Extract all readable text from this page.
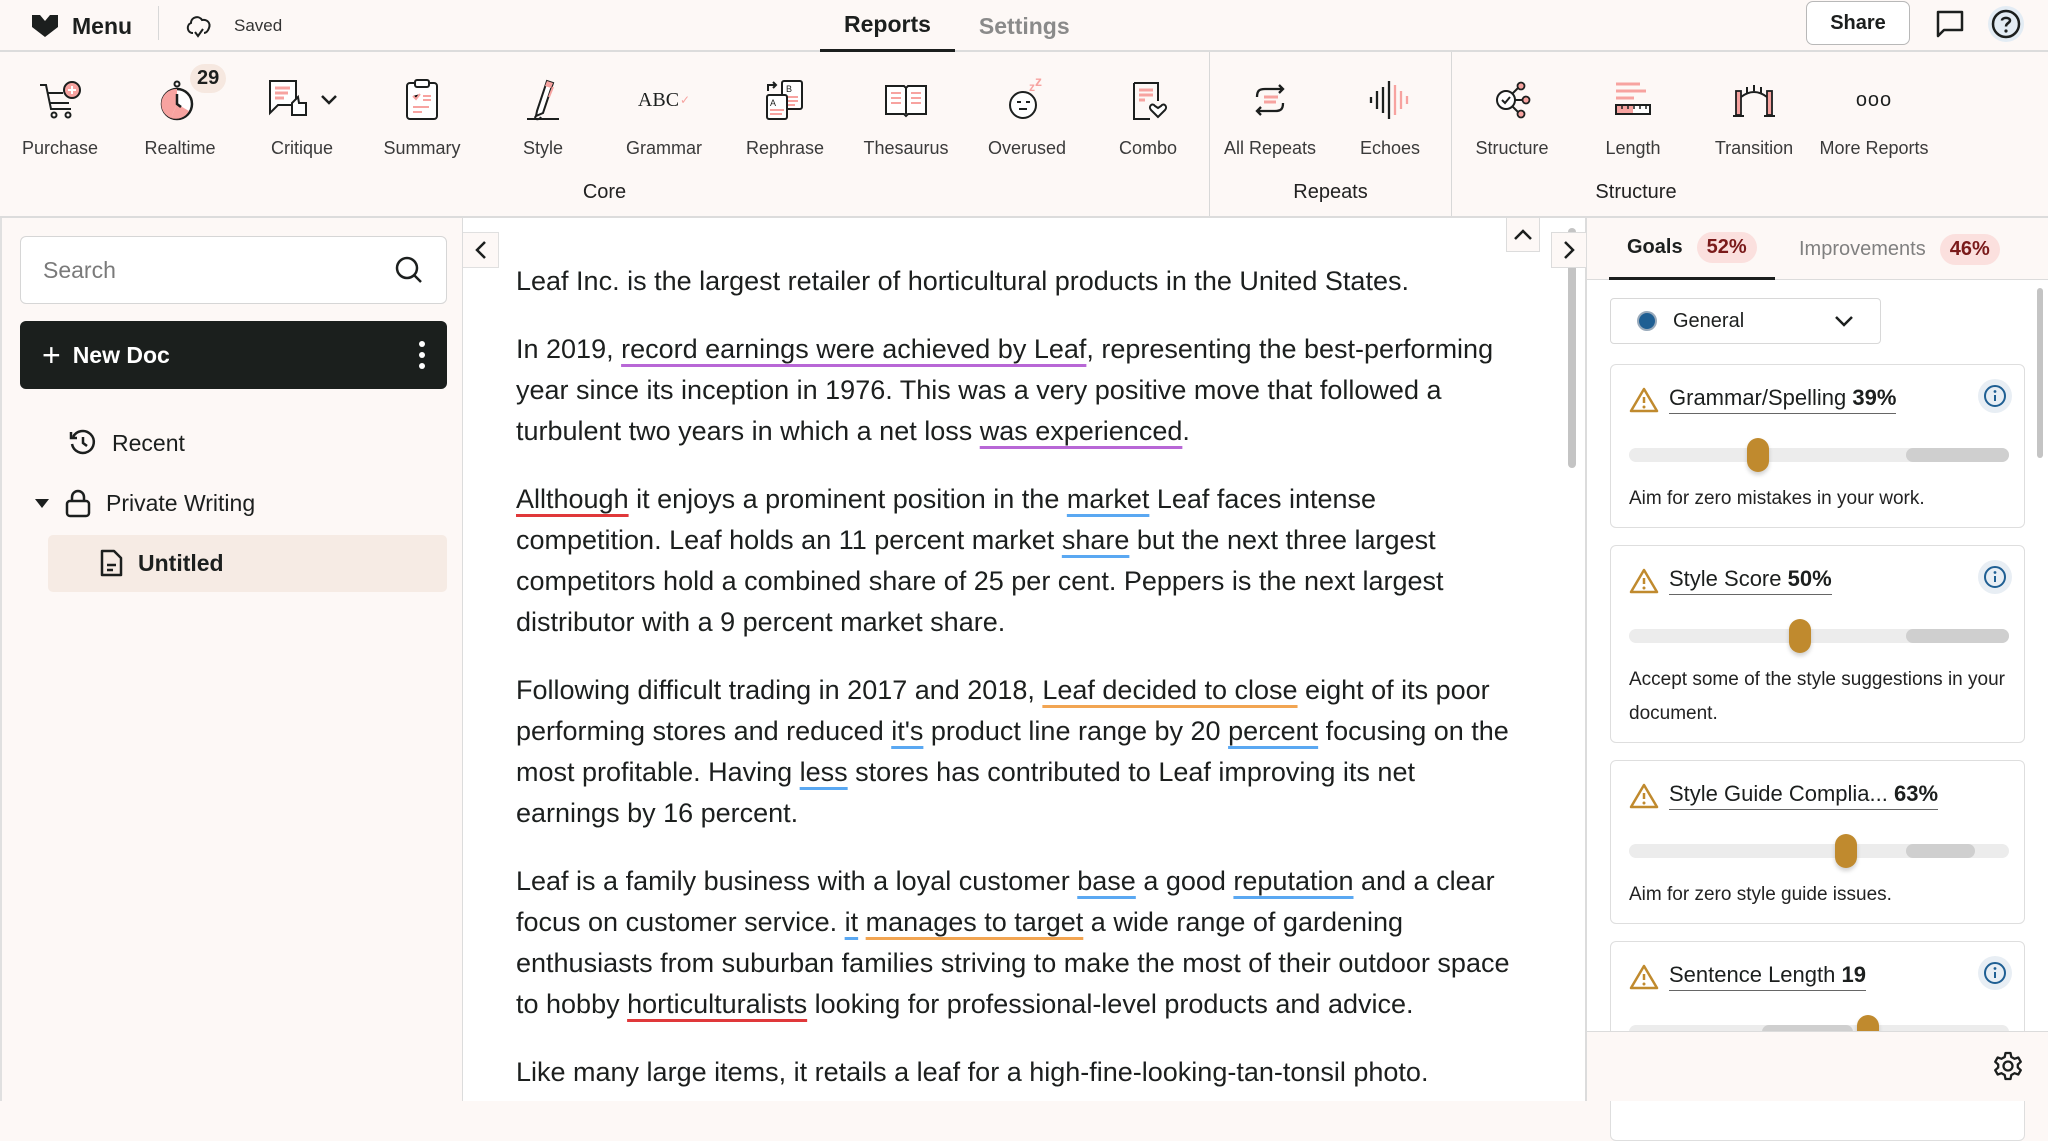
Menu	Saved	Reports	Settings	Share
Purchase
29
Realtime	Critique	Summary	Style
ABC ✓
Grammar
B
A
Rephrase Thesaurus
z z
Overused	Combo
Core
All Repeats Echoes
Repeats
Structure	Length	Transition
ooo
More Reports
Structure
Search
+ New Doc
Recent
Private Writing
Untitled

Leaf Inc. is the largest retailer of horticultural products in the United States.

In 2019, record earnings were achieved by Leaf, representing the best-performing year since its inception in 1976. This was a very positive move that followed a turbulent two years in which a net loss was experienced.

Allthough it enjoys a prominent position in the market Leaf faces intense competition. Leaf holds an 11 percent market share but the next three largest competitors hold a combined share of 25 per cent. Peppers is the next largest distributor with a 9 percent market share.

Following difficult trading in 2017 and 2018, Leaf decided to close eight of its poor performing stores and reduced it's product line range by 20 percent focusing on the most profitable. Having less stores has contributed to Leaf improving its net earnings by 16 percent.

Leaf is a family business with a loyal customer base a good reputation and a clear focus on customer service. it manages to target a wide range of gardening enthusiasts from suburban families striving to make the most of their outdoor space to hobby horticulturalists looking for professional-level products and advice.

Like many large items, it retails a leaf for a high-fine-looking-tan-tonsil photo.

Goals	52%	Improvements	46%
General
Grammar/Spelling 39%
Aim for zero mistakes in your work.
Style Score 50%
Accept some of the style suggestions in your document.
Style Guide Complia... 63%
Aim for zero style guide issues.
Sentence Length 19
